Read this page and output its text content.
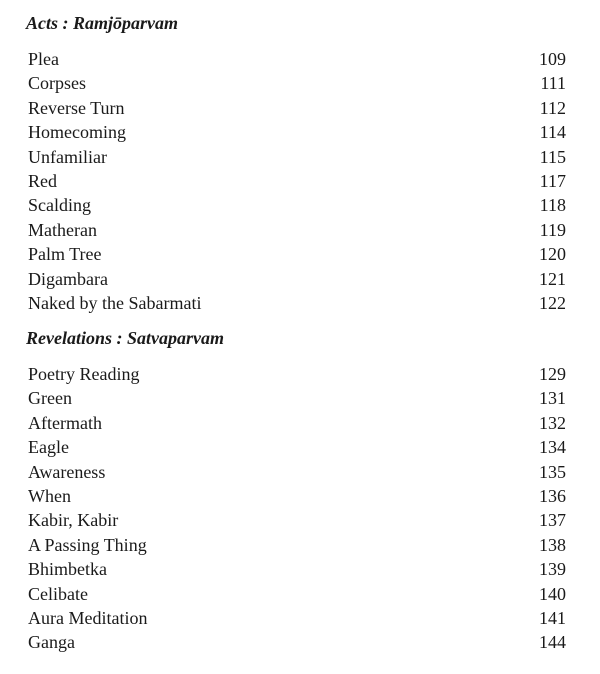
Acts : Ramjōparvam
Plea	109
Corpses	111
Reverse Turn	112
Homecoming	114
Unfamiliar	115
Red	117
Scalding	118
Matheran	119
Palm Tree	120
Digambara	121
Naked by the Sabarmati	122
Revelations : Satvaparvam
Poetry Reading	129
Green	131
Aftermath	132
Eagle	134
Awareness	135
When	136
Kabir, Kabir	137
A Passing Thing	138
Bhimbetka	139
Celibate	140
Aura Meditation	141
Ganga	144
